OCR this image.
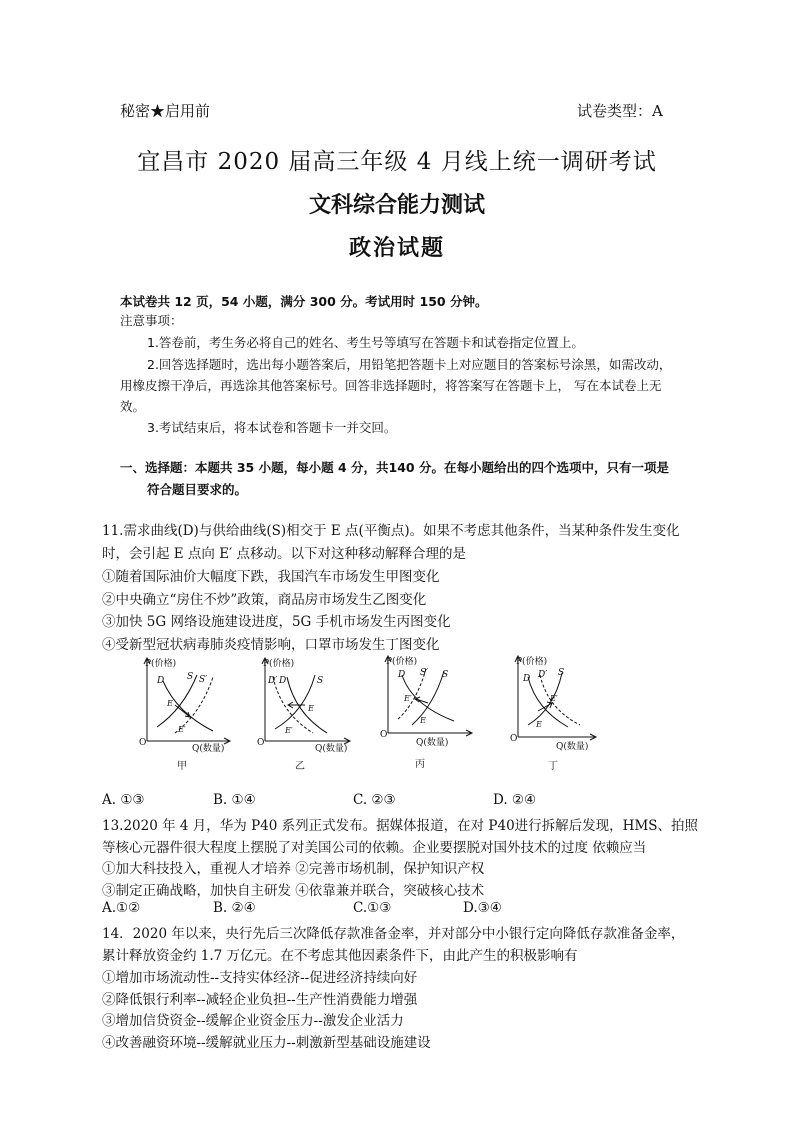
秘密★启用前	试卷类型：A
宜昌市 2020 届高三年级 4 月线上统一调研考试
文科综合能力测试
政治试题
本试卷共 12 页，54 小题，满分 300 分。考试用时 150 分钟。
注意事项：
1.答卷前，考生务必将自己的姓名、考生号等填写在答题卡和试卷指定位置上。
2.回答选择题时，选出每小题答案后，用铅笔把答题卡上对应题目的答案标号涂黑，如需改动，
用橡皮擦干净后，再选涂其他答案标号。回答非选择题时，将答案写在答题卡上， 写在本试卷上无
效。
3.考试结束后，将本试卷和答题卡一并交回。
一、选择题：本题共 35 小题，每小题 4 分，共140 分。在每小题给出的四个选项中，只有一项是
符合题目要求的。
11.需求曲线(D)与供给曲线(S)相交于 E 点(平衡点)。如果不考虑其他条件，当某种条件发生变化
时，会引起 E 点向 E′ 点移动。以下对这种移动解释合理的是
①随着国际油价大幅度下跌，我国汽车市场发生甲图变化
②中央确立“房住不炒”政策，商品房市场发生乙图变化
③加快 5G 网络设施建设进度，5G 手机市场发生丙图变化
④受新型冠状病毒肺炎疫情影响，口罩市场发生丁图变化
P(价格)
Q(数量)
O
D	S S′
E
E′
甲
P(价格)
Q(数量)
O
D′ D	S
E
E′
乙
P(价格)
Q(数量)
O
D S′ S
E′
E
丙
P(价格)
Q(数量)
O
D D′ S
E′
E
丁
A. ①③	B. ①④	C. ②③	D. ②④
13.2020 年 4 月，华为 P40 系列正式发布。据媒体报道，在对 P40进行拆解后发现，HMS、拍照
等核心元器件很大程度上摆脱了对美国公司的依赖。企业要摆脱对国外技术的过度 依赖应当
①加大科技投入，重视人才培养 ②完善市场机制，保护知识产权
③制定正确战略，加快自主研发 ④依靠兼并联合，突破核心技术
A.①②	B. ②④	C.①③	D.③④
14．2020 年以来，央行先后三次降低存款准备金率，并对部分中小银行定向降低存款准备金率，
累计释放资金约 1.7 万亿元。在不考虑其他因素条件下，由此产生的积极影响有
①增加市场流动性--支持实体经济--促进经济持续向好
②降低银行利率--减轻企业负担--生产性消费能力增强
③增加信贷资金--缓解企业资金压力--激发企业活力
④改善融资环境--缓解就业压力--刺激新型基础设施建设
